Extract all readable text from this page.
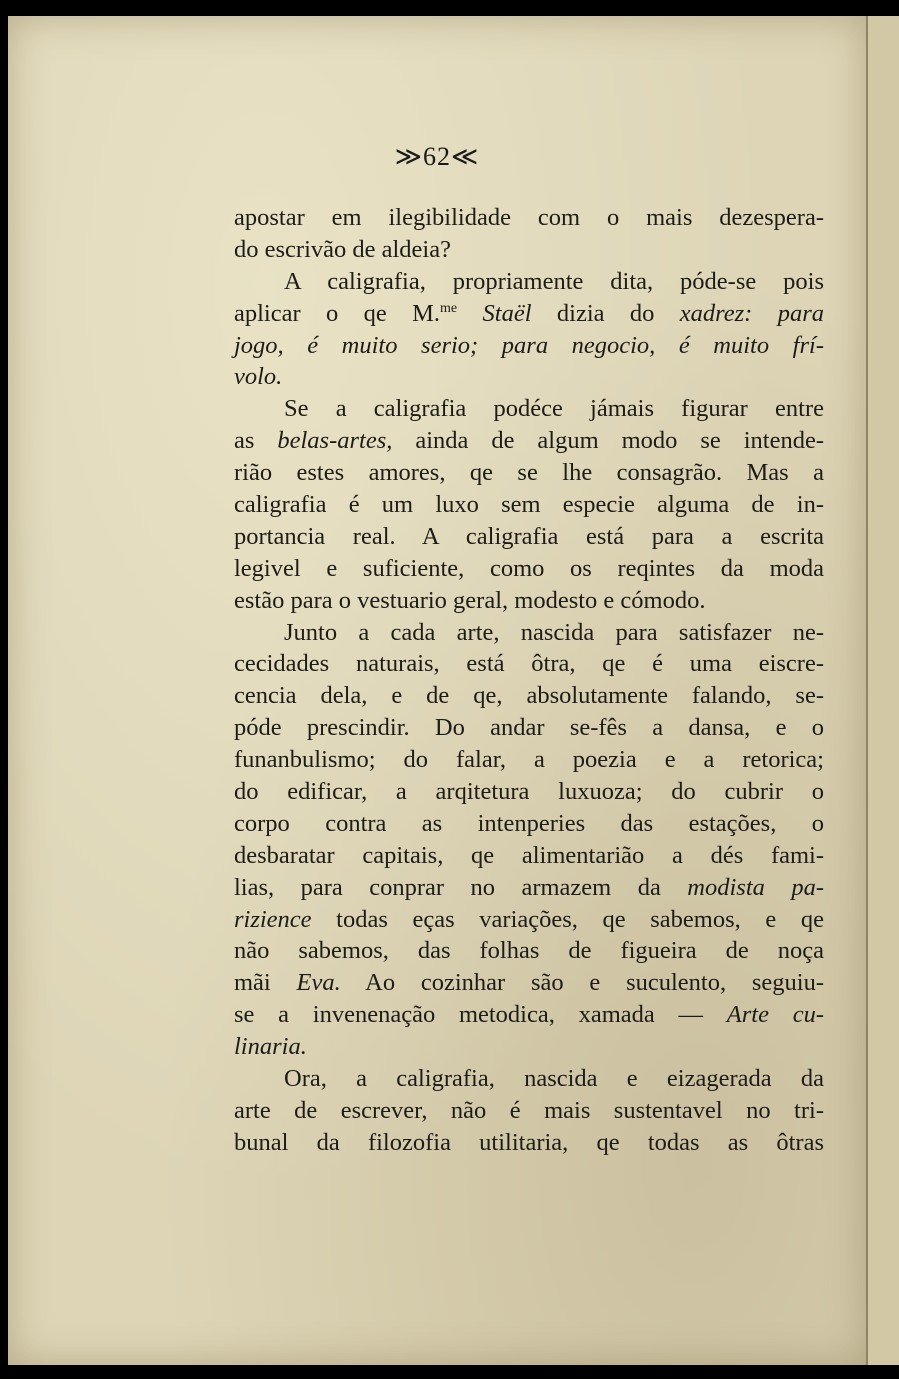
≫62≪
apostar em ilegibilidade com o mais dezespera-
do escrivão de aldeia?
A caligrafia, propriamente dita, póde-se pois
aplicar o qe M.$^{me}$ Staël dizia do xadrez: para
jogo, é muito serio; para negocio, é muito frí-
volo.
Se a caligrafia podéce jámais figurar entre
as belas-artes, ainda de algum modo se intende-
rião estes amores, qe se lhe consagrão. Mas a
caligrafia é um luxo sem especie alguma de in-
portancia real. A caligrafia está para a escrita
legivel e suficiente, como os reqintes da moda
estão para o vestuario geral, modesto e cómodo.
Junto a cada arte, nascida para satisfazer ne-
cecidades naturais, está ôtra, qe é uma eiscre-
cencia dela, e de qe, absolutamente falando, se-
póde prescindir. Do andar se-fês a dansa, e o
funanbulismo; do falar, a poezia e a retorica;
do edificar, a arqitetura luxuoza; do cubrir o
corpo contra as intenperies das estações, o
desbaratar capitais, qe alimentarião a dés fami-
lias, para conprar no armazem da modista pa-
rizience todas eças variações, qe sabemos, e qe
não sabemos, das folhas de figueira de noça
mãi Eva. Ao cozinhar são e suculento, seguiu-
se a invenenação metodica, xamada — Arte cu-
linaria.
Ora, a caligrafia, nascida e eizagerada da
arte de escrever, não é mais sustentavel no tri-
bunal da filozofia utilitaria, qe todas as ôtras
